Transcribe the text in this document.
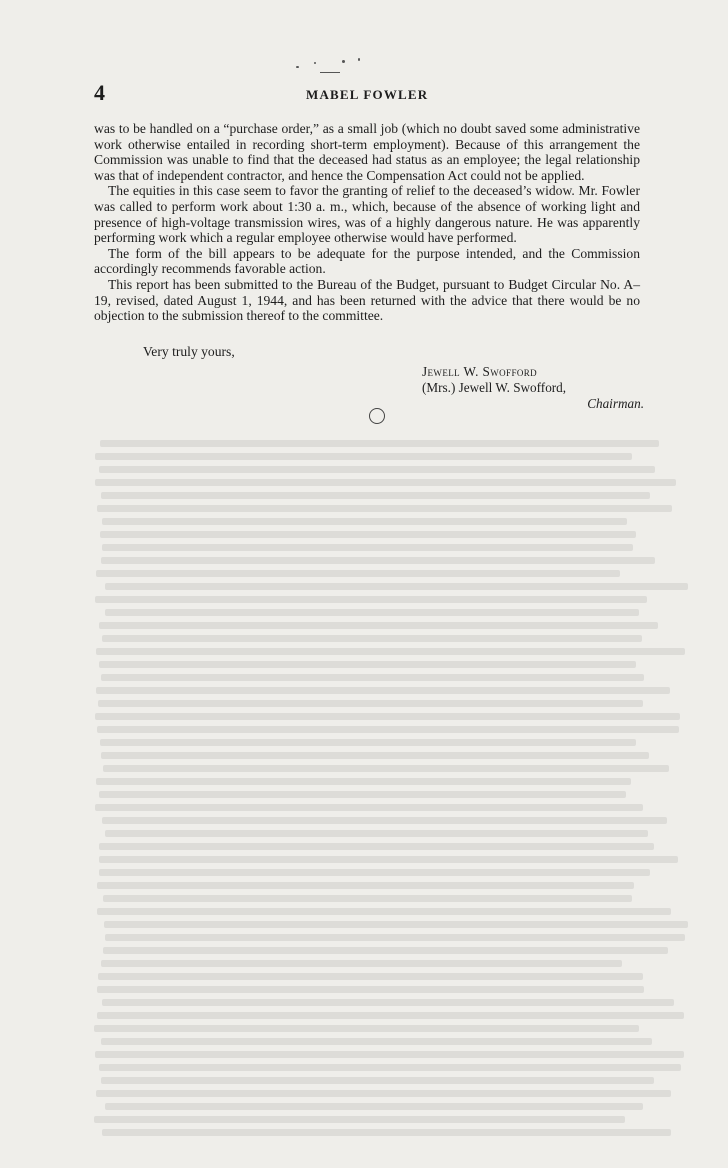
4	MABEL FOWLER

was to be handled on a “purchase order,” as a small job (which no doubt saved some administrative work otherwise entailed in recording short-term employment). Because of this arrangement the Commission was unable to find that the deceased had status as an employee; the legal relationship was that of independent contractor, and hence the Compensation Act could not be applied.

The equities in this case seem to favor the granting of relief to the deceased’s widow. Mr. Fowler was called to perform work about 1:30 a. m., which, because of the absence of working light and presence of high-voltage transmission wires, was of a highly dangerous nature. He was apparently performing work which a regular employee otherwise would have performed.

The form of the bill appears to be adequate for the purpose intended, and the Commission accordingly recommends favorable action.

This report has been submitted to the Bureau of the Budget, pursuant to Budget Circular No. A–19, revised, dated August 1, 1944, and has been returned with the advice that there would be no objection to the submission thereof to the committee.

Very truly yours,
Jewell W. Swofford
(Mrs.) Jewell W. Swofford,
Chairman.
